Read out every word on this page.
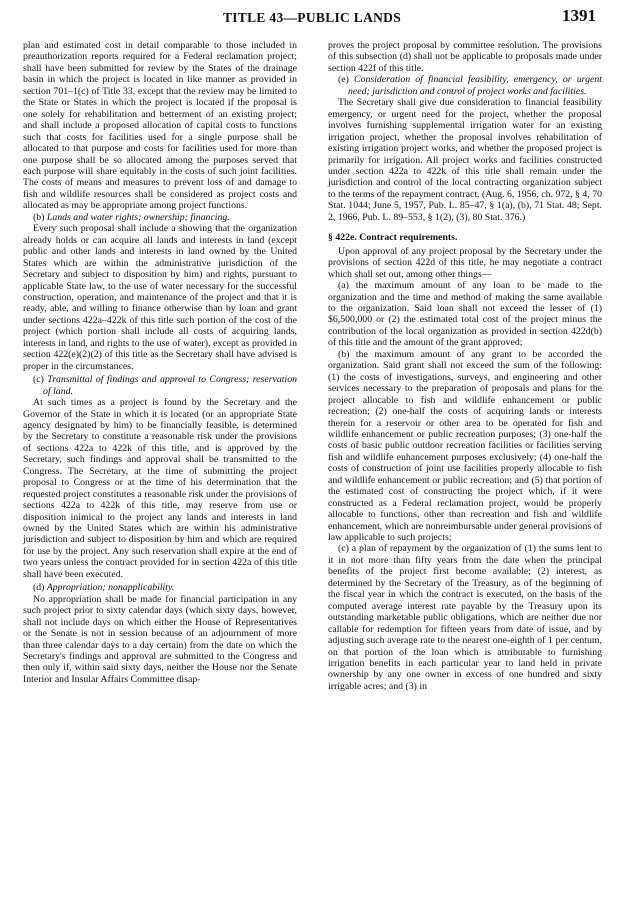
TITLE 43—PUBLIC LANDS	1391

plan and estimated cost in detail comparable to those included in preauthorization reports required for a Federal reclamation project; shall have been submitted for review by the States of the drainage basin in which the project is located in like manner as provided in section 701–1(c) of Title 33, except that the review may be limited to the State or States in which the project is located if the proposal is one solely for rehabilitation and betterment of an existing project; and shall include a proposed allocation of capital costs to functions such that costs for facilities used for a single purpose shall be allocated to that purpose and costs for facilities used for more than one purpose shall be so allocated among the purposes served that each purpose will share equitably in the costs of such joint facilities. The costs of means and measures to prevent loss of and damage to fish and wildlife resources shall be considered as project costs and allocated as may be appropriate among project functions.

(b) Lands and water rights; ownership; financing.

Every such proposal shall include a showing that the organization already holds or can acquire all lands and interests in land (except public and other lands and interests in land owned by the United States which are within the administrative jurisdiction of the Secretary and subject to disposition by him) and rights, pursuant to applicable State law, to the use of water necessary for the successful construction, operation, and maintenance of the project and that it is ready, able, and willing to finance otherwise than by loan and grant under sections 422a–422k of this title such portion of the cost of the project (which portion shall include all costs of acquiring lands, interests in land, and rights to the use of water), except as provided in section 422(e)(2)(2) of this title as the Secretary shall have advised is proper in the circumstances.

(c) Transmittal of findings and approval to Congress; reservation of land.

At such times as a project is found by the Secretary and the Governor of the State in which it is located (or an appropriate State agency designated by him) to be financially feasible, is determined by the Secretary to constitute a reasonable risk under the provisions of sections 422a to 422k of this title, and is approved by the Secretary, such findings and approval shall be transmitted to the Congress. The Secretary, at the time of submitting the project proposal to Congress or at the time of his determination that the requested project constitutes a reasonable risk under the provisions of sections 422a to 422k of this title, may reserve from use or disposition inimical to the project any lands and interests in land owned by the United States which are within his administrative jurisdiction and subject to disposition by him and which are required for use by the project. Any such reservation shall expire at the end of two years unless the contract provided for in section 422a of this title shall have been executed.

(d) Appropriation; nonapplicability.

No appropriation shall be made for financial participation in any such project prior to sixty calendar days (which sixty days, however, shall not include days on which either the House of Representatives or the Senate is not in session because of an adjournment of more than three calendar days to a day certain) from the date on which the Secretary's findings and approval are submitted to the Congress and then only if, within said sixty days, neither the House nor the Senate Interior and Insular Affairs Committee disap-

proves the project proposal by committee resolution. The provisions of this subsection (d) shall not be applicable to proposals made under section 422f of this title.

(e) Consideration of financial feasibility, emergency, or urgent need; jurisdiction and control of project works and facilities.

The Secretary shall give due consideration to financial feasibility emergency, or urgent need for the project, whether the proposal involves furnishing supplemental irrigation water for an existing irrigation project, whether the proposal involves rehabilitation of existing irrigation project works, and whether the proposed project is primarily for irrigation. All project works and facilities constructed under section 422a to 422k of this title shall remain under the jurisdiction and control of the local contracting organization subject to the terms of the repayment contract. (Aug. 6, 1956, ch. 972, § 4, 70 Stat. 1044; June 5, 1957, Pub. L. 85–47, § 1(a), (b), 71 Stat. 48; Sept. 2, 1966, Pub. L. 89–553, § 1(2), (3), 80 Stat. 376.)

§ 422e. Contract requirements.

Upon approval of any project proposal by the Secretary under the provisions of section 422d of this title, he may negotiate a contract which shall set out, among other things—

(a) the maximum amount of any loan to be made to the organization and the time and method of making the same available to the organization. Said loan shall not exceed the lesser of (1) $6,500,000 or (2) the estimated total cost of the project minus the contribution of the local organization as provided in section 422d(b) of this title and the amount of the grant approved;

(b) the maximum amount of any grant to be accorded the organization. Said grant shall not exceed the sum of the following: (1) the costs of investigations, surveys, and engineering and other services necessary to the preparation of proposals and plans for the project allocable to fish and wildlife enhancement or public recreation; (2) one-half the costs of acquiring lands or interests therein for a reservoir or other area to be operated for fish and wildlife enhancement or public recreation purposes; (3) one-half the costs of basic public outdoor recreation facilities or facilities serving fish and wildlife enhancement purposes exclusively; (4) one-half the costs of construction of joint use facilities properly allocable to fish and wildlife enhancement or public recreation; and (5) that portion of the estimated cost of constructing the project which, if it were constructed as a Federal reclamation project, would be properly allocable to functions, other than recreation and fish and wildlife enhancement, which are nonreimbursable under general provisions of law applicable to such projects;

(c) a plan of repayment by the organization of (1) the sums lent to it in not more than fifty years from the date when the principal benefits of the project first become available; (2) interest, as determined by the Secretary of the Treasury, as of the beginning of the fiscal year in which the contract is executed, on the basis of the computed average interest rate payable by the Treasury upon its outstanding marketable public obligations, which are neither due nor callable for redemption for fifteen years from date of issue, and by adjusting such average rate to the nearest one-eighth of 1 per centum, on that portion of the loan which is attributable to furnishing irrigation benefits in each particular year to land held in private ownership by any one owner in excess of one hundred and sixty irrigable acres; and (3) in
